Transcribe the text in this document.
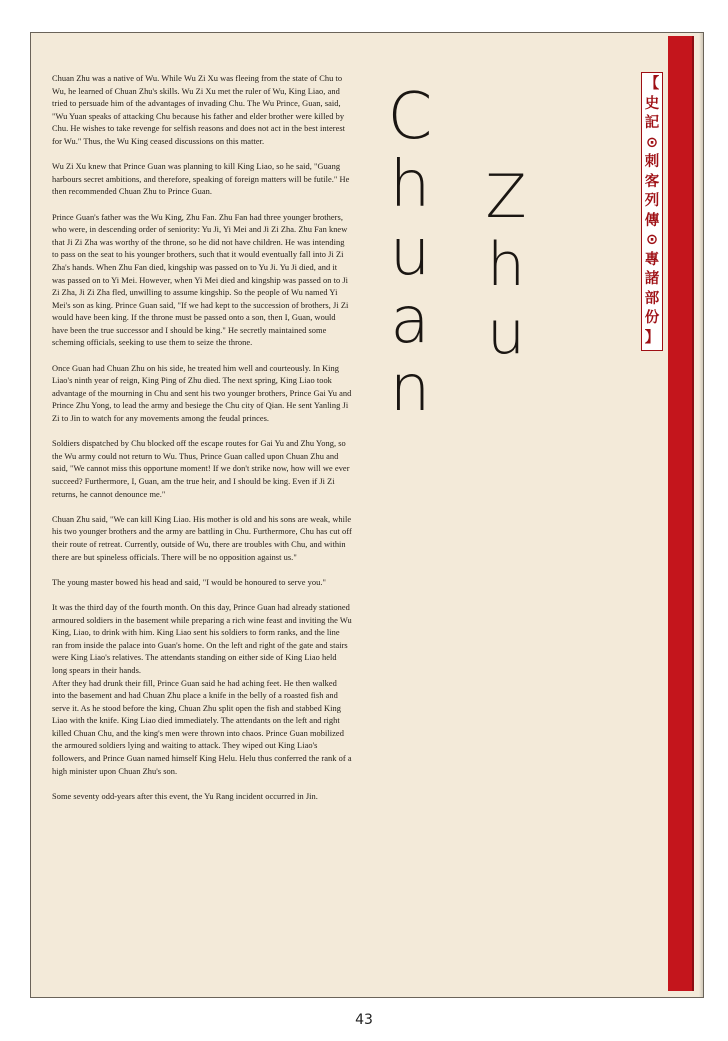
Chuan Zhu was a native of Wu. While Wu Zi Xu was fleeing from the state of Chu to Wu, he learned of Chuan Zhu's skills. Wu Zi Xu met the ruler of Wu, King Liao, and tried to persuade him of the advantages of invading Chu. The Wu Prince, Guan, said, "Wu Yuan speaks of attacking Chu because his father and elder brother were killed by Chu. He wishes to take revenge for selfish reasons and does not act in the best interest for Wu." Thus, the Wu King ceased discussions on this matter.

Wu Zi Xu knew that Prince Guan was planning to kill King Liao, so he said, "Guang harbours secret ambitions, and therefore, speaking of foreign matters will be futile." He then recommended Chuan Zhu to Prince Guan.

Prince Guan's father was the Wu King, Zhu Fan. Zhu Fan had three younger brothers, who were, in descending order of seniority: Yu Ji, Yi Mei and Ji Zi Zha. Zhu Fan knew that Ji Zi Zha was worthy of the throne, so he did not have children. He was intending to pass on the seat to his younger brothers, such that it would eventually fall into Ji Zi Zha's hands. When Zhu Fan died, kingship was passed on to Yu Ji. Yu Ji died, and it was passed on to Yi Mei. However, when Yi Mei died and kingship was passed on to Ji Zi Zha, Ji Zi Zha fled, unwilling to assume kingship. So the people of Wu named Yi Mei's son as king. Prince Guan said, "If we had kept to the succession of brothers, Ji Zi would have been king. If the throne must be passed onto a son, then I, Guan, would have been the true successor and I should be king." He secretly maintained some scheming officials, seeking to use them to seize the throne.

Once Guan had Chuan Zhu on his side, he treated him well and courteously. In King Liao's ninth year of reign, King Ping of Zhu died. The next spring, King Liao took advantage of the mourning in Chu and sent his two younger brothers, Prince Gai Yu and Prince Zhu Yong, to lead the army and besiege the Chu city of Qian. He sent Yanling Ji Zi to Jin to watch for any movements among the feudal princes.

Soldiers dispatched by Chu blocked off the escape routes for Gai Yu and Zhu Yong, so the Wu army could not return to Wu. Thus, Prince Guan called upon Chuan Zhu and said, "We cannot miss this opportune moment! If we don't strike now, how will we ever succeed? Furthermore, I, Guan, am the true heir, and I should be king. Even if Ji Zi returns, he cannot denounce me."

Chuan Zhu said, "We can kill King Liao. His mother is old and his sons are weak, while his two younger brothers and the army are battling in Chu. Furthermore, Chu has cut off their route of retreat. Currently, outside of Wu, there are troubles with Chu, and within there are but spineless officials. There will be no opposition against us."

The young master bowed his head and said, "I would be honoured to serve you."

It was the third day of the fourth month. On this day, Prince Guan had already stationed armoured soldiers in the basement while preparing a rich wine feast and inviting the Wu King, Liao, to drink with him. King Liao sent his soldiers to form ranks, and the line ran from inside the palace into Guan's home. On the left and right of the gate and stairs were King Liao's relatives. The attendants standing on either side of King Liao held long spears in their hands.
After they had drunk their fill, Prince Guan said he had aching feet. He then walked into the basement and had Chuan Zhu place a knife in the belly of a roasted fish and serve it. As he stood before the king, Chuan Zhu split open the fish and stabbed King Liao with the knife. King Liao died immediately. The attendants on the left and right killed Chuan Chu, and the king's men were thrown into chaos. Prince Guan mobilized the armoured soldiers lying and waiting to attack. They wiped out King Liao's followers, and Prince Guan named himself King Helu. Helu thus conferred the rank of a high minister upon Chuan Zhu's son.

Some seventy odd-years after this event, the Yu Rang incident occurred in Jin.

C
h
u
a
n
Z
h
u
【
史
記
⊙
刺
客
列
傳
⊙
專
諸
部
份
】
43
